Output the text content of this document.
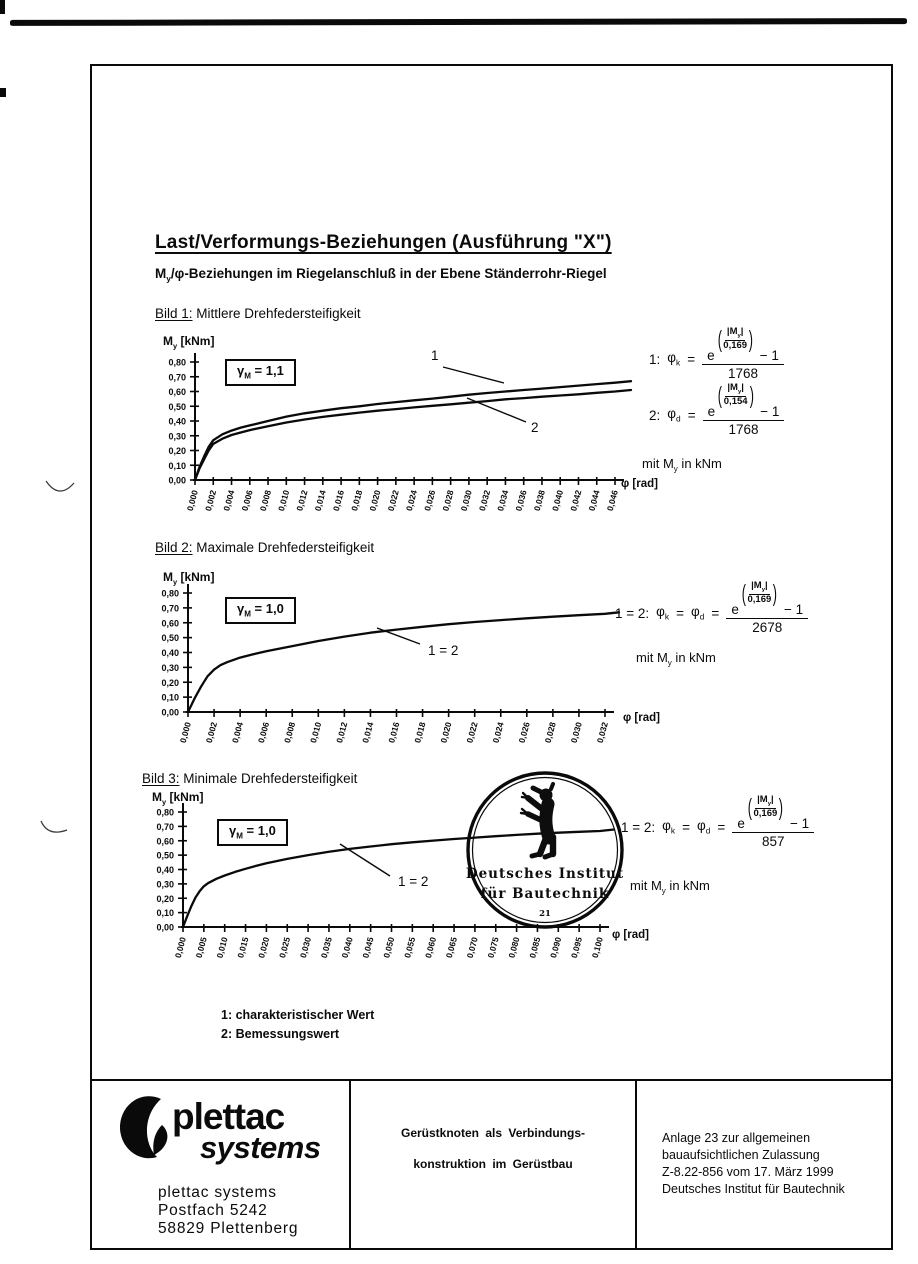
Last/Verformungs-Beziehungen (Ausführung "X")
$M_y/\varphi$-Beziehungen im Riegelanschluß in der Ebene Ständerrohr-Riegel
Bild 1: Mittlere Drehfedersteifigkeit
Bild 2: Maximale Drehfedersteifigkeit
Bild 3: Minimale Drehfedersteifigkeit
0,80
0,70
0,60
0,50
0,40
0,30
0,20
0,10
0,00
0,000 0,002 0,004 0,006 0,008 0,010 0,012 0,014 0,016 0,018 0,020 0,022 0,024 0,026 0,028 0,030 0,032 0,034 0,036 0,038 0,040 0,042 0,044 0,046
1
2
0,80
0,70
0,60
0,50
0,40
0,30
0,20
0,10
0,00
0,000 0,002 0,004 0,006 0,008 0,010 0,012 0,014 0,016 0,018 0,020 0,022 0,024 0,026 0,028 0,030 0,032
1 = 2
0,80
0,70
0,60
0,50
0,40
0,30
0,20
0,10
0,00
0,000 0,005 0,010 0,015 0,020 0,025 0,030 0,035 0,040 0,045 0,050 0,055 0,060 0,065 0,070 0,075 0,080 0,085 0,090 0,095 0,100
1 = 2
$M_y$ [kNm]
$M_y$ [kNm]
$M_y$ [kNm]
φ [rad]
φ [rad]
φ [rad]
$\gamma_M = 1,1$
$\gamma_M = 1,0$
$\gamma_M = 1,0$
1: $\varphi_k = e$
( $|M_y|$
0,169 )
− 1
1768
2: $\varphi_d = e$
( $|M_y|$
0,154 )
− 1
1768
mit $M_y$ in kNm
1 = 2: $\varphi_k = \varphi_d = e$
( $|M_y|$
0,169 )
− 1
2678
mit $M_y$ in kNm
1 = 2: $\varphi_k = \varphi_d = e$
( $|M_y|$
0,169 )
− 1
857
mit $M_y$ in kNm
Deutsches Institut
für Bautechnik
21
1: charakteristischer Wert
2: Bemessungswert
plettac
systems
plettac systems
Postfach 5242
58829 Plettenberg
Gerüstknoten als Verbindungs-
konstruktion im Gerüstbau
Anlage 23 zur allgemeinen
bauaufsichtlichen Zulassung
Z-8.22-856 vom 17. März 1999
Deutsches Institut für Bautechnik
